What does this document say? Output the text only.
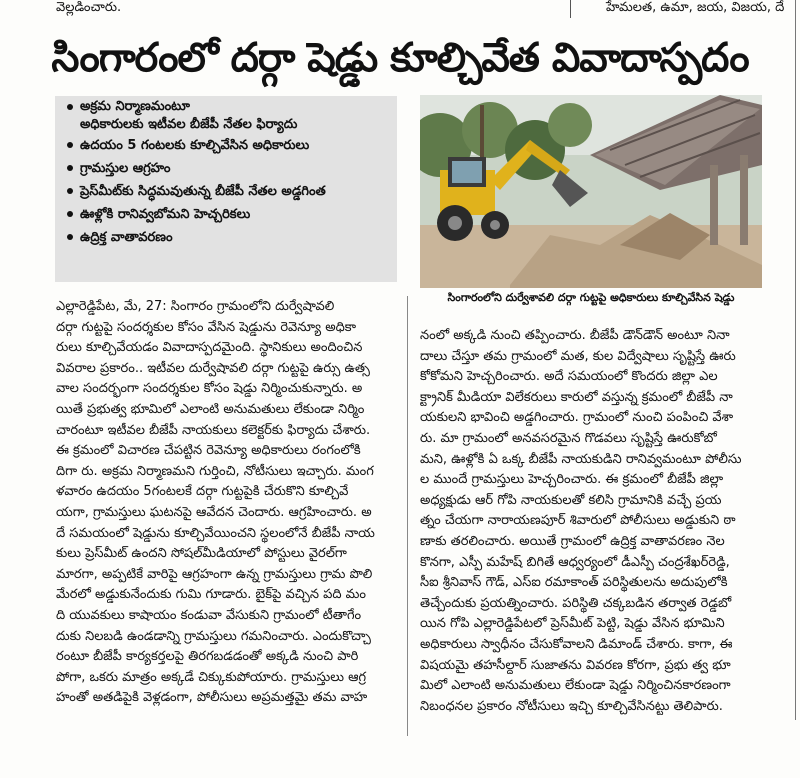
వెల్లడించారు.	హేమలత, ఉమా, జయ, విజయ, దే
సింగారంలో దర్గా షెడ్డు కూల్చివేత వివాదాస్పదం
అక్రమ నిర్మాణమంటూ
అధికారులకు ఇటీవల బీజేపీ నేతల ఫిర్యాదు
ఉదయం 5 గంటలకు కూల్చివేసిన అధికారులు
గ్రామస్తుల ఆగ్రహం
ప్రెస్‌మీట్‌కు సిద్ధమవుతున్న బీజేపీ నేతల అడ్డగింత
ఊళ్లోకి రానివ్వబోమని హెచ్చరికలు
ఉద్రిక్త వాతావరణం
సింగారంలోని దుర్వేశావలి దర్గా గుట్టపై అధికారులు కూల్చివేసిన షెడ్డు
ఎల్లారెడ్డిపేట, మే, 27: సింగారం గ్రామంలోని దుర్వేషావలి
దర్గా గుట్టపై సందర్శకుల కోసం వేసిన షెడ్డును రెవెన్యూ అధికా
రులు కూల్చివేయడం వివాదాస్పదమైంది. స్థానికులు అందించిన
వివరాల ప్రకారం.. ఇటీవల దుర్వేషావలి దర్గా గుట్టపై ఉర్సు ఉత్స
వాల సందర్భంగా సందర్శకుల కోసం షెడ్డు నిర్మించుకున్నారు. అ
యితే ప్రభుత్వ భూమిలో ఎలాంటి అనుమతులు లేకుండా నిర్మిం
చారంటూ ఇటీవల బీజేపీ నాయకులు కలెక్టర్‌కు ఫిర్యాదు చేశారు.
ఈ క్రమంలో విచారణ చేపట్టిన రెవెన్యూ అధికారులు రంగంలోకి
దిగా రు. అక్రమ నిర్మాణమని గుర్తించి, నోటీసులు ఇచ్చారు. మంగ
ళవారం ఉదయం 5గంటలకే దర్గా గుట్టపైకి చేరుకొని కూల్చివే
యగా, గ్రామస్తులు ఘటనపై ఆవేదన చెందారు. ఆగ్రహించారు. అ
దే సమయంలో షెడ్డును కూల్చివేయించని స్థలంలోనే బీజేపీ నాయ
కులు ప్రెస్‌మీట్ ఉందని సోషల్‌మీడియాలో పోస్టులు వైరల్‌గా
మారగా, అప్పటికే వారిపై ఆగ్రహంగా ఉన్న గ్రామస్తులు గ్రామ పొలి
మేరలో అడ్డుకునేందుకు గుమి గూడారు. బైక్‌పై వచ్చిన పది మం
ది యువకులు కాషాయం కండువా వేసుకుని గ్రామంలో టీతాగేం
దుకు నిలబడి ఉండడాన్ని గ్రామస్తులు గమనించారు. ఎందుకొచ్చా
రంటూ బీజేపీ కార్యకర్తలపై తిరగబడడంతో అక్కడి నుంచి పారి
పోగా, ఒకరు మాత్రం అక్కడే చిక్కుకుపోయారు. గ్రామస్తులు ఆగ్ర
హంతో అతడిపైకి వెళ్లడంగా, పోలీసులు అప్రమత్తమై తమ వాహ
నంలో అక్కడి నుంచి తప్పించారు. బీజేపీ డౌన్‌డౌన్ అంటూ నినా
దాలు చేస్తూ తమ గ్రామంలో మత, కుల విద్వేషాలు సృష్టిస్తే ఊరు
కోకోమని హెచ్చరించారు. అదే సమయంలో కొందరు జిల్లా ఎల
క్ట్రానిక్ మీడియా విలేకరులు కారులో వస్తున్న క్రమంలో బీజేపీ నా
యకులని భావించి అడ్డగించారు. గ్రామంలో నుంచి పంపించి వేశా
రు. మా గ్రామంలో అనవసరమైన గొడవలు సృష్టిస్తే ఊరుకోబో
మని, ఊళ్లోకి ఏ ఒక్క బీజేపీ నాయకుడిని రానివ్వమంటూ పోలీసు
ల ముందే గ్రామస్తులు హెచ్చరించారు. ఈ క్రమంలో బీజేపీ జిల్లా
అధ్యక్షుడు ఆర్ గోపి నాయకులతో కలిసి గ్రామానికి వచ్చే ప్రయ
త్నం చేయగా నారాయణపూర్ శివారులో పోలీసులు అడ్డుకుని ఠా
ణాకు తరలించారు. అయితే గ్రామంలో ఉద్రిక్త వాతావరణం నెల
కొనగా, ఎస్పీ మహేష్ బిగితే ఆధ్వర్యంలో డీఎస్పీ చంద్రశేఖర్‌రెడ్డి,
సీఐ శ్రీనివాస్ గౌడ్, ఎస్ఐ రమాకాంత్ పరిస్థితులను అదుపులోకి
తెచ్చేందుకు ప్రయత్నించారు. పరిస్థితి చక్కబడిన తర్వాత రెడ్డబో
యిన గోపి ఎల్లారెడ్డిపేటలో ప్రెస్‌మీట్ పెట్టి, షెడ్డు వేసిన భూమిని
అధికారులు స్వాధీనం చేసుకోవాలని డిమాండ్ చేశారు. కాగా, ఈ
విషయమై తహసీల్దార్ సుజాతను వివరణ కోరగా, ప్రభు త్వ భూ
మిలో ఎలాంటి అనుమతులు లేకుండా షెడ్డు నిర్మించినకారణంగా
నిబంధనల ప్రకారం నోటీసులు ఇచ్చి కూల్చివేసినట్టు తెలిపారు.
